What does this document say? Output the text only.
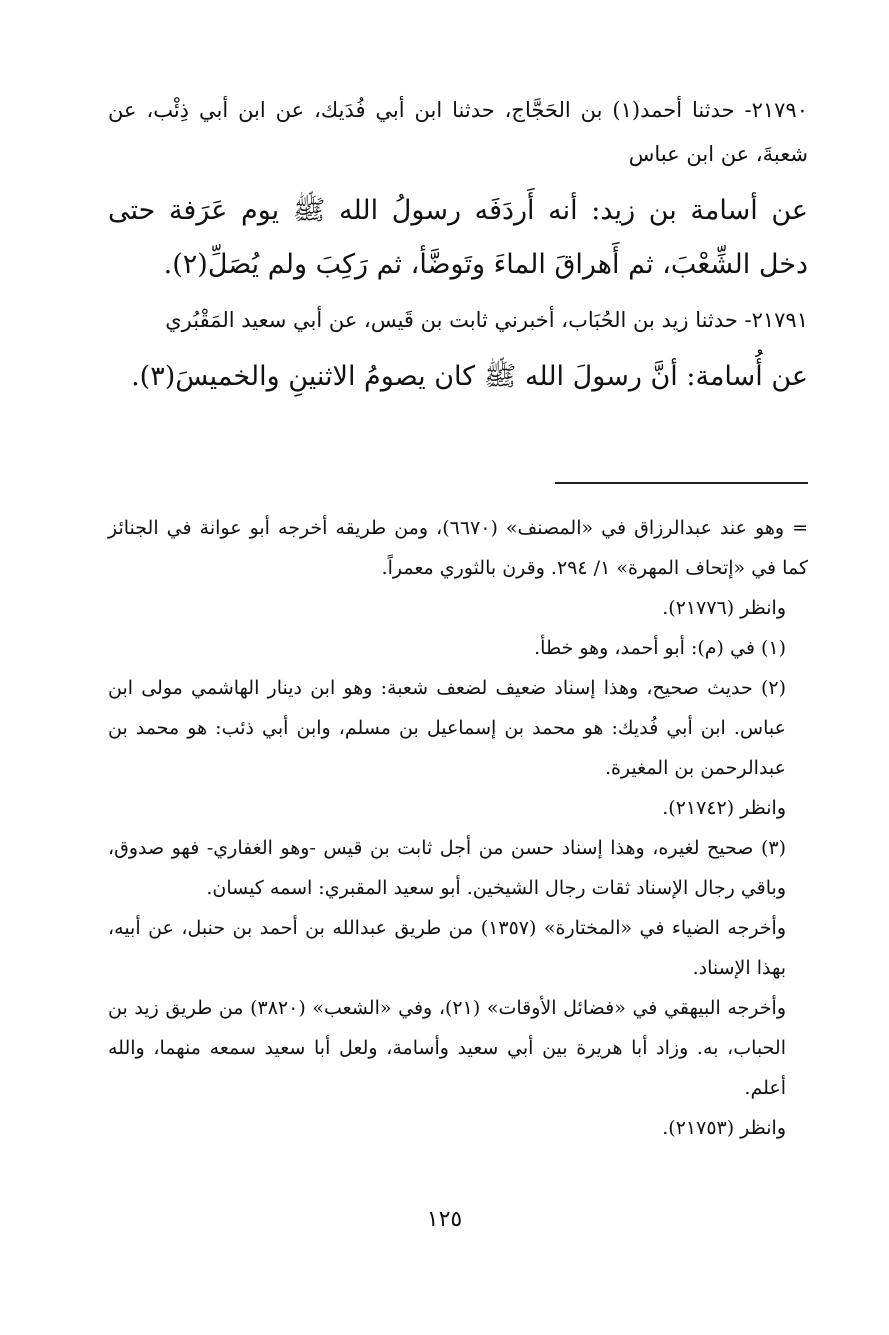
٢١٧٩٠- حدثنا أحمد(١) بن الحَجَّاج، حدثنا ابن أبي فُدَيك، عن ابن أبي ذِئْب، عن شعبةَ، عن ابن عباس

عن أسامة بن زيد: أنه أَردَفَه رسولُ الله ﷺ يوم عَرَفة حتى دخل الشِّعْبَ، ثم أَهراقَ الماءَ وتَوضَّأ، ثم رَكِبَ ولم يُصَلِّ(٢).

٢١٧٩١- حدثنا زيد بن الحُبَاب، أخبرني ثابت بن قَيس، عن أبي سعيد المَقْبُري

عن أُسامة: أنَّ رسولَ الله ﷺ كان يصومُ الاثنينِ والخميسَ(٣).

= وهو عند عبدالرزاق في «المصنف» (٦٦٧٠)، ومن طريقه أخرجه أبو عوانة في الجنائز كما في «إتحاف المهرة» ١/ ٢٩٤. وقرن بالثوري معمراً.

وانظر (٢١٧٧٦).

(١) في (م): أبو أحمد، وهو خطأ.

(٢) حديث صحيح، وهذا إسناد ضعيف لضعف شعبة: وهو ابن دينار الهاشمي مولى ابن عباس. ابن أبي فُديك: هو محمد بن إسماعيل بن مسلم، وابن أبي ذئب: هو محمد بن عبدالرحمن بن المغيرة.

وانظر (٢١٧٤٢).

(٣) صحيح لغيره، وهذا إسناد حسن من أجل ثابت بن قيس -وهو الغفاري- فهو صدوق، وباقي رجال الإسناد ثقات رجال الشيخين. أبو سعيد المقبري: اسمه كيسان.

وأخرجه الضياء في «المختارة» (١٣٥٧) من طريق عبدالله بن أحمد بن حنبل، عن أبيه، بهذا الإسناد.

وأخرجه البيهقي في «فضائل الأوقات» (٢١)، وفي «الشعب» (٣٨٢٠) من طريق زيد بن الحباب، به. وزاد أبا هريرة بين أبي سعيد وأسامة، ولعل أبا سعيد سمعه منهما، والله أعلم.

وانظر (٢١٧٥٣).

١٢٥
